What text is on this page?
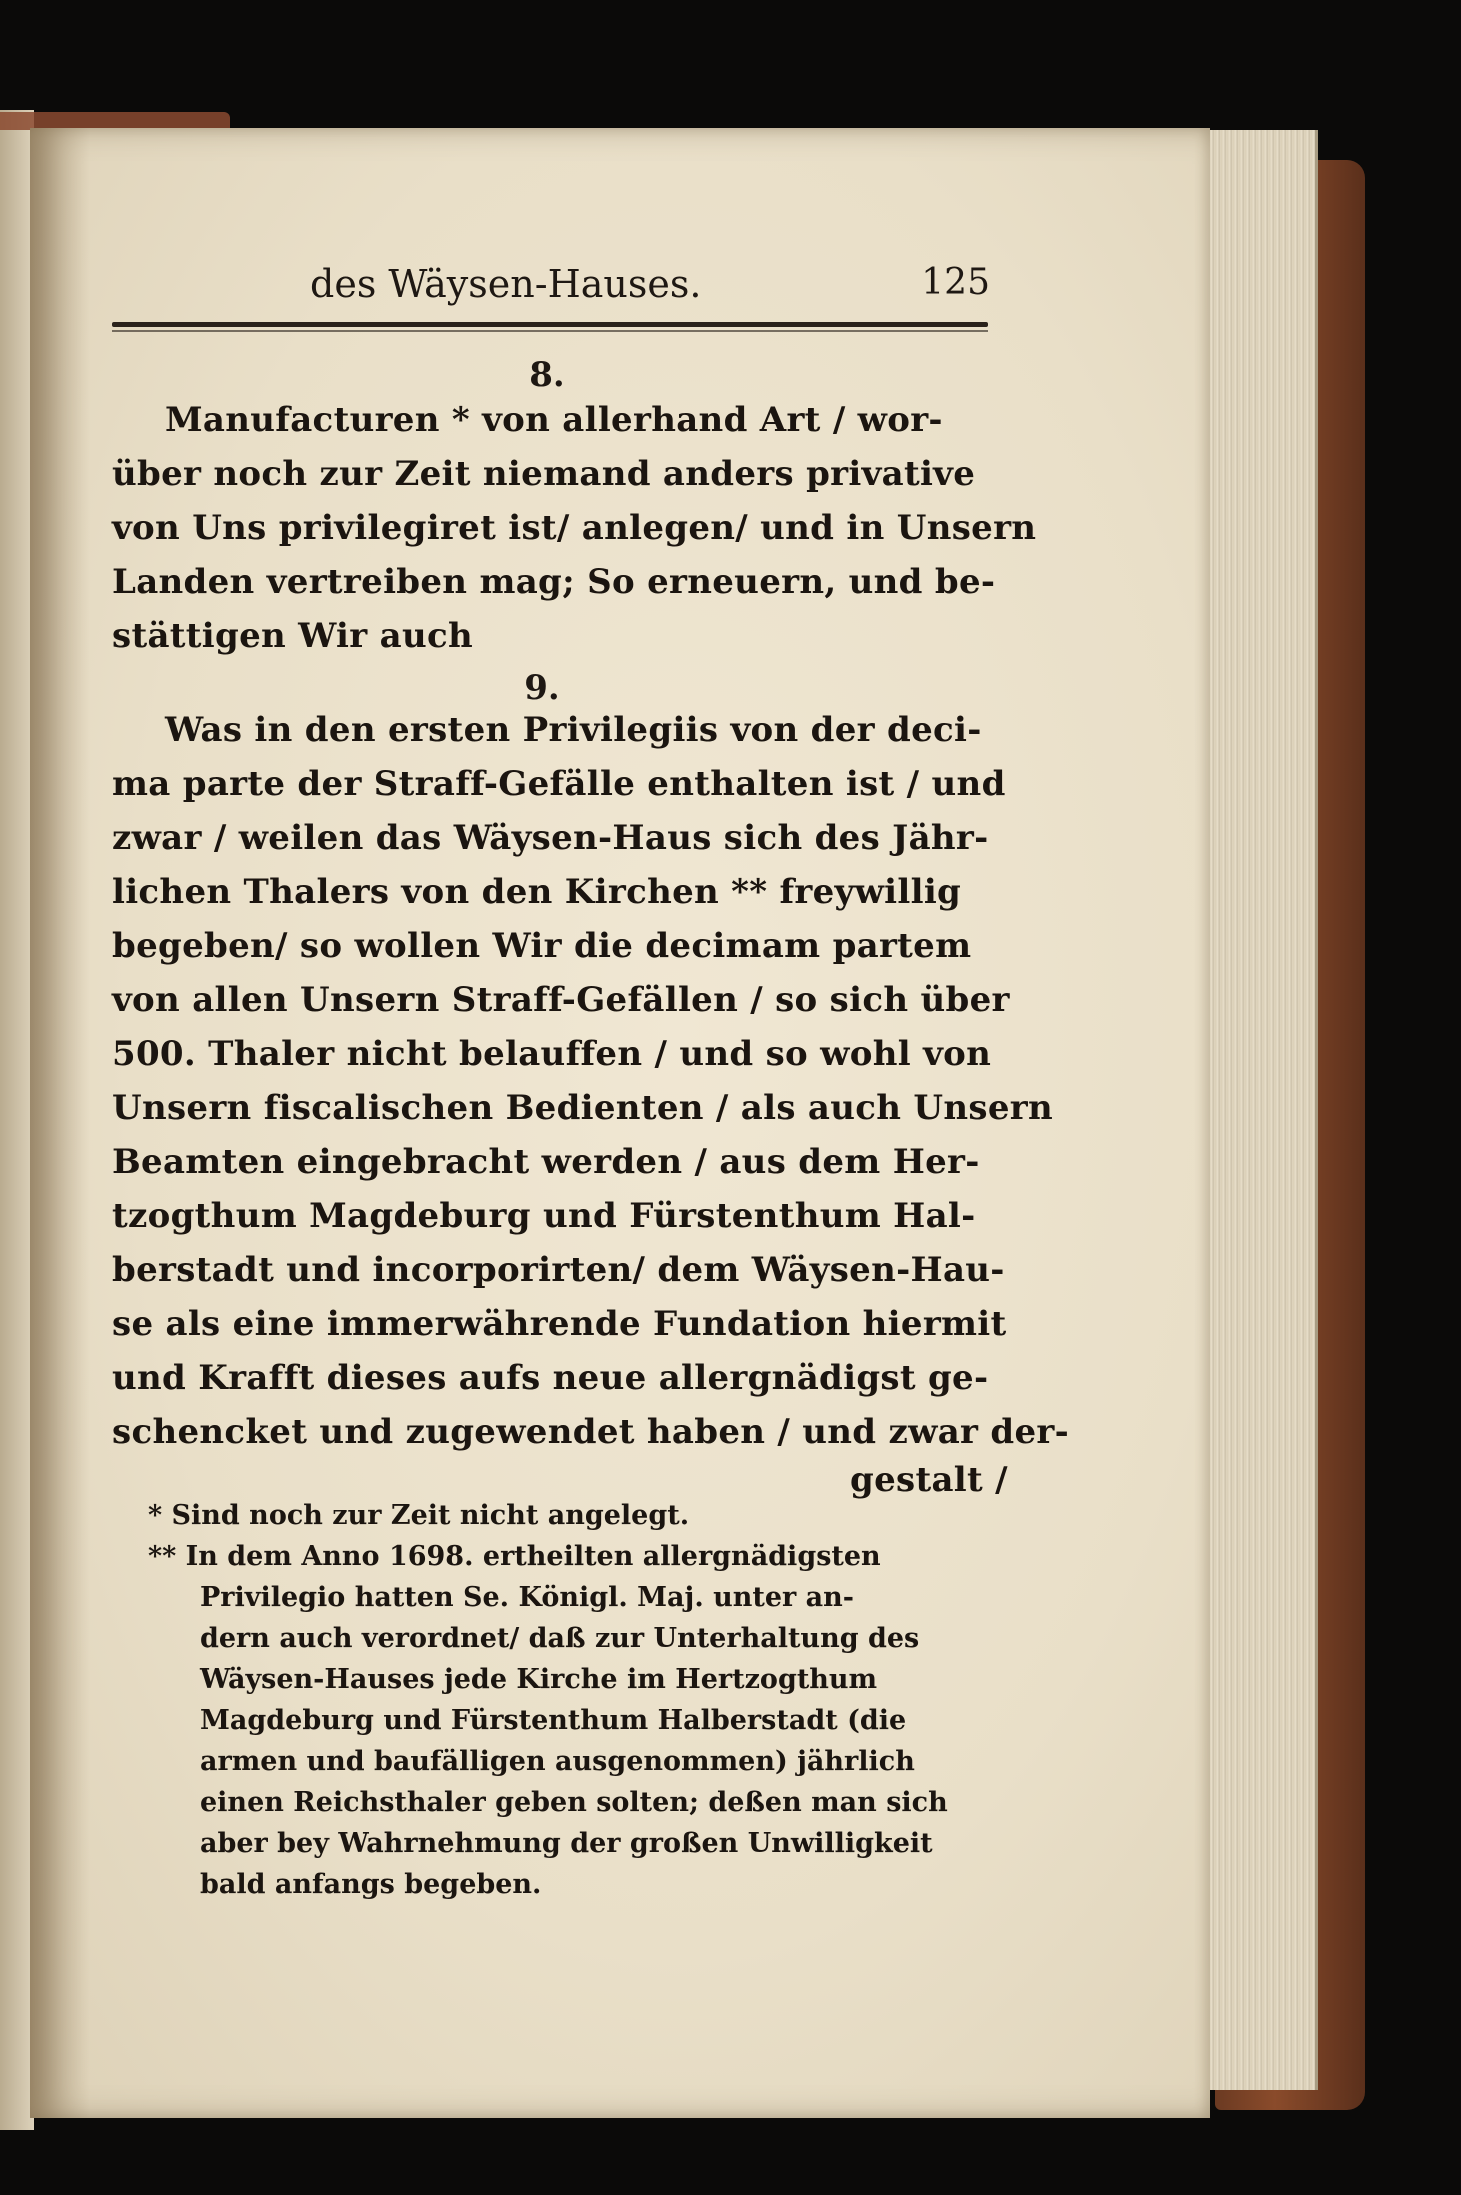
des Wäysen-Hauses.	125
8.
Manufacturen * von allerhand Art / wor-
über noch zur Zeit niemand anders privative
von Uns privilegiret ist/ anlegen/ und in Unsern
Landen vertreiben mag; So erneuern, und be-
stättigen Wir auch
9.
Was in den ersten Privilegiis von der deci-
ma parte der Straff-Gefälle enthalten ist / und
zwar / weilen das Wäysen-Haus sich des Jähr-
lichen Thalers von den Kirchen ** freywillig
begeben/ so wollen Wir die decimam partem
von allen Unsern Straff-Gefällen / so sich über
500. Thaler nicht belauffen / und so wohl von
Unsern fiscalischen Bedienten / als auch Unsern
Beamten eingebracht werden / aus dem Her-
tzogthum Magdeburg und Fürstenthum Hal-
berstadt und incorporirten/ dem Wäysen-Hau-
se als eine immerwährende Fundation hiermit
und Krafft dieses aufs neue allergnädigst ge-
schencket und zugewendet haben / und zwar der-
gestalt /
* Sind noch zur Zeit nicht angelegt.
** In dem Anno 1698. ertheilten allergnädigsten
Privilegio hatten Se. Königl. Maj. unter an-
dern auch verordnet/ daß zur Unterhaltung des
Wäysen-Hauses jede Kirche im Hertzogthum
Magdeburg und Fürstenthum Halberstadt (die
armen und baufälligen ausgenommen) jährlich
einen Reichsthaler geben solten; deßen man sich
aber bey Wahrnehmung der großen Unwilligkeit
bald anfangs begeben.
